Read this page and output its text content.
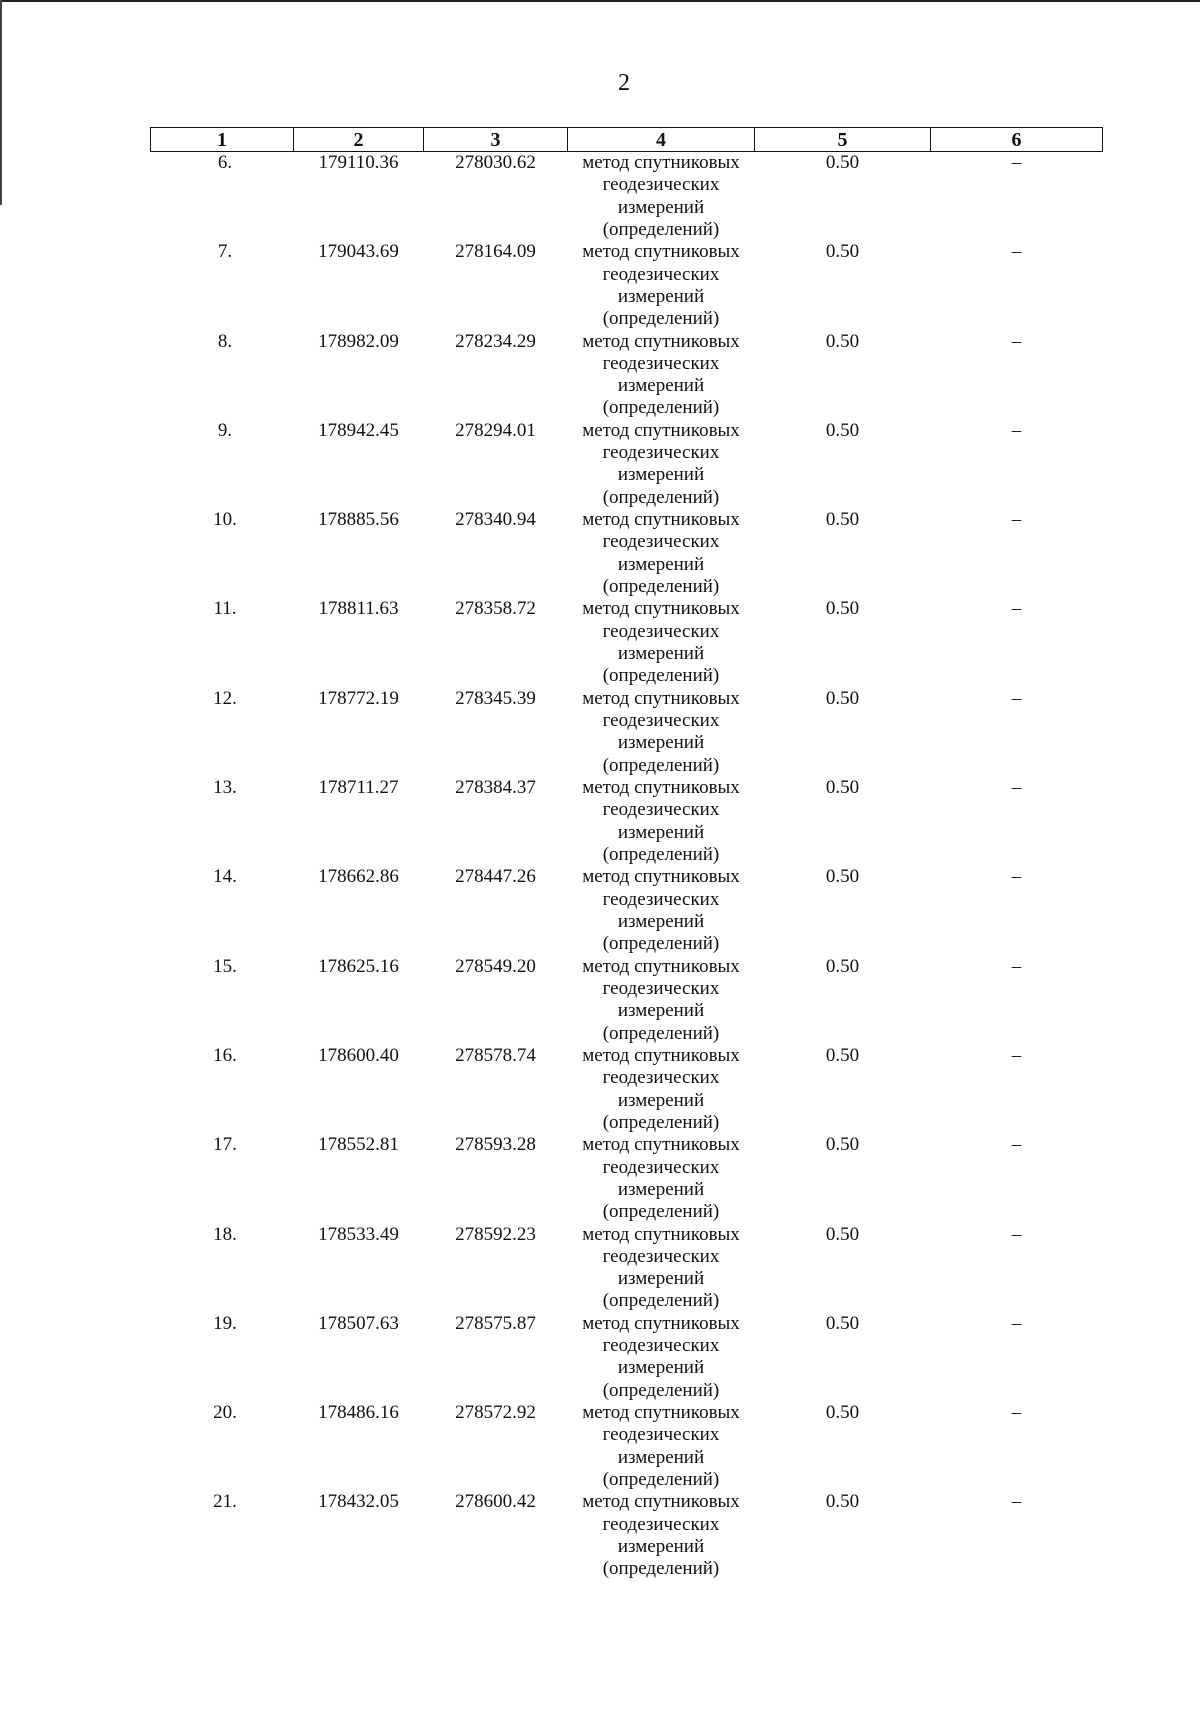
2
1	2	3	4	5	6
6.	179110.36	278030.62	метод спутниковых
геодезических
измерений
(определений)	0.50	–
7.	179043.69	278164.09	метод спутниковых
геодезических
измерений
(определений)	0.50	–
8.	178982.09	278234.29	метод спутниковых
геодезических
измерений
(определений)	0.50	–
9.	178942.45	278294.01	метод спутниковых
геодезических
измерений
(определений)	0.50	–
10.	178885.56	278340.94	метод спутниковых
геодезических
измерений
(определений)	0.50	–
11.	178811.63	278358.72	метод спутниковых
геодезических
измерений
(определений)	0.50	–
12.	178772.19	278345.39	метод спутниковых
геодезических
измерений
(определений)	0.50	–
13.	178711.27	278384.37	метод спутниковых
геодезических
измерений
(определений)	0.50	–
14.	178662.86	278447.26	метод спутниковых
геодезических
измерений
(определений)	0.50	–
15.	178625.16	278549.20	метод спутниковых
геодезических
измерений
(определений)	0.50	–
16.	178600.40	278578.74	метод спутниковых
геодезических
измерений
(определений)	0.50	–
17.	178552.81	278593.28	метод спутниковых
геодезических
измерений
(определений)	0.50	–
18.	178533.49	278592.23	метод спутниковых
геодезических
измерений
(определений)	0.50	–
19.	178507.63	278575.87	метод спутниковых
геодезических
измерений
(определений)	0.50	–
20.	178486.16	278572.92	метод спутниковых
геодезических
измерений
(определений)	0.50	–
21.	178432.05	278600.42	метод спутниковых
геодезических
измерений
(определений)	0.50	–
